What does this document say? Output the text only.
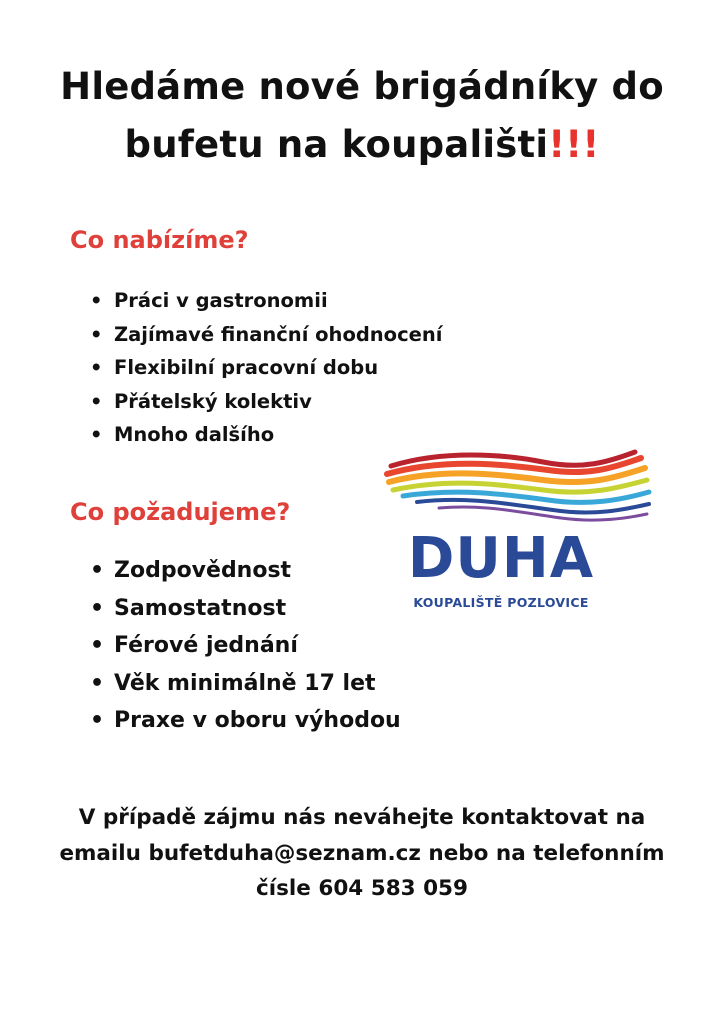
Hledáme nové brigádníky do
bufetu na koupališti!!!
Co nabízíme?
• Práci v gastronomii
• Zajímavé finanční ohodnocení
• Flexibilní pracovní dobu
• Přátelský kolektiv
• Mnoho dalšího
Co požadujeme?
• Zodpovědnost
• Samostatnost
• Férové jednání
• Věk minimálně 17 let
• Praxe v oboru výhodou
DUHA
KOUPALIŠTĚ POZLOVICE
V případě zájmu nás neváhejte kontaktovat na
emailu bufetduha@seznam.cz nebo na telefonním
čísle 604 583 059
